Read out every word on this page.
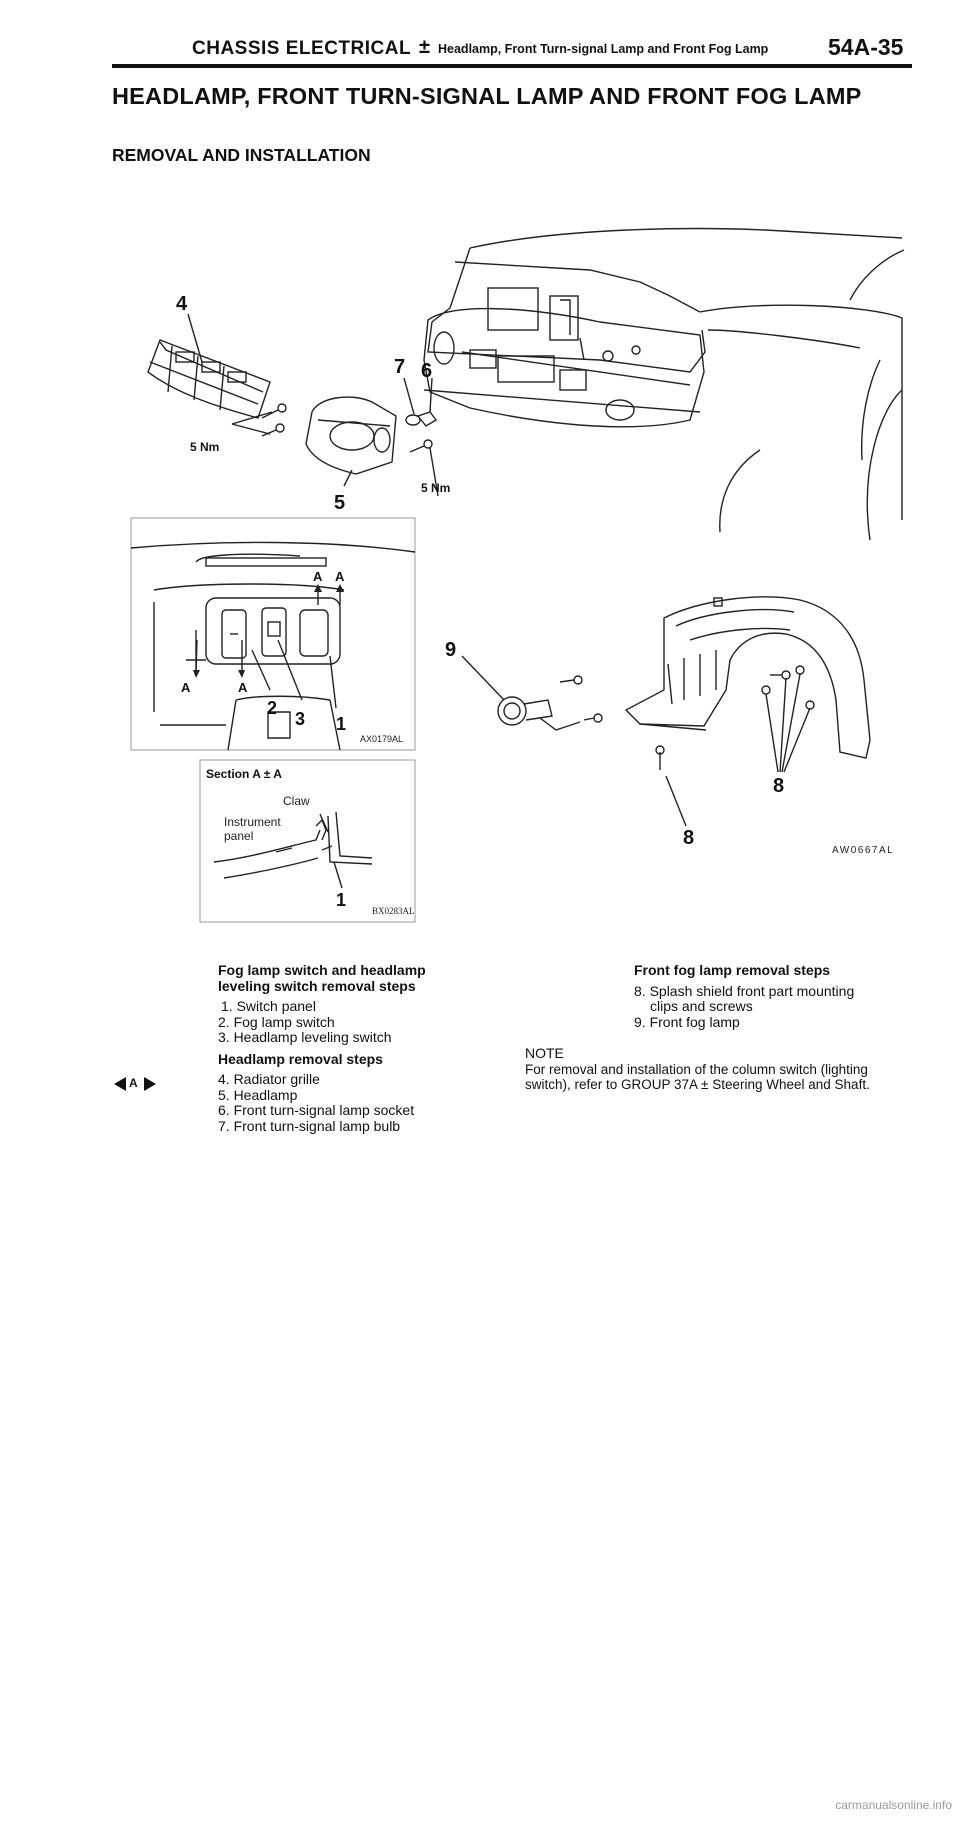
CHASSIS ELECTRICAL ± Headlamp, Front Turn-signal Lamp and Front Fog Lamp	54A-35
HEADLAMP, FRONT TURN-SIGNAL LAMP AND FRONT FOG LAMP
REMOVAL AND INSTALLATION
4
7 6
5
5 Nm
5 Nm
A A
A	A
2
3 1
AX0179AL
Section A ± A
Claw
Instrument
panel
1
BX0283AL
9
8
8
AW0667AL
Fog lamp switch and headlamp
leveling switch removal steps
1. Switch panel
2. Fog lamp switch
3. Headlamp leveling switch
Headlamp removal steps
4. Radiator grille
5. Headlamp
6. Front turn-signal lamp socket
7. Front turn-signal lamp bulb
A
Front fog lamp removal steps
8. Splash shield front part mounting
clips and screws
9. Front fog lamp
NOTE
For removal and installation of the column switch (lighting
switch), refer to GROUP 37A ± Steering Wheel and Shaft.
carmanualsonline.info
